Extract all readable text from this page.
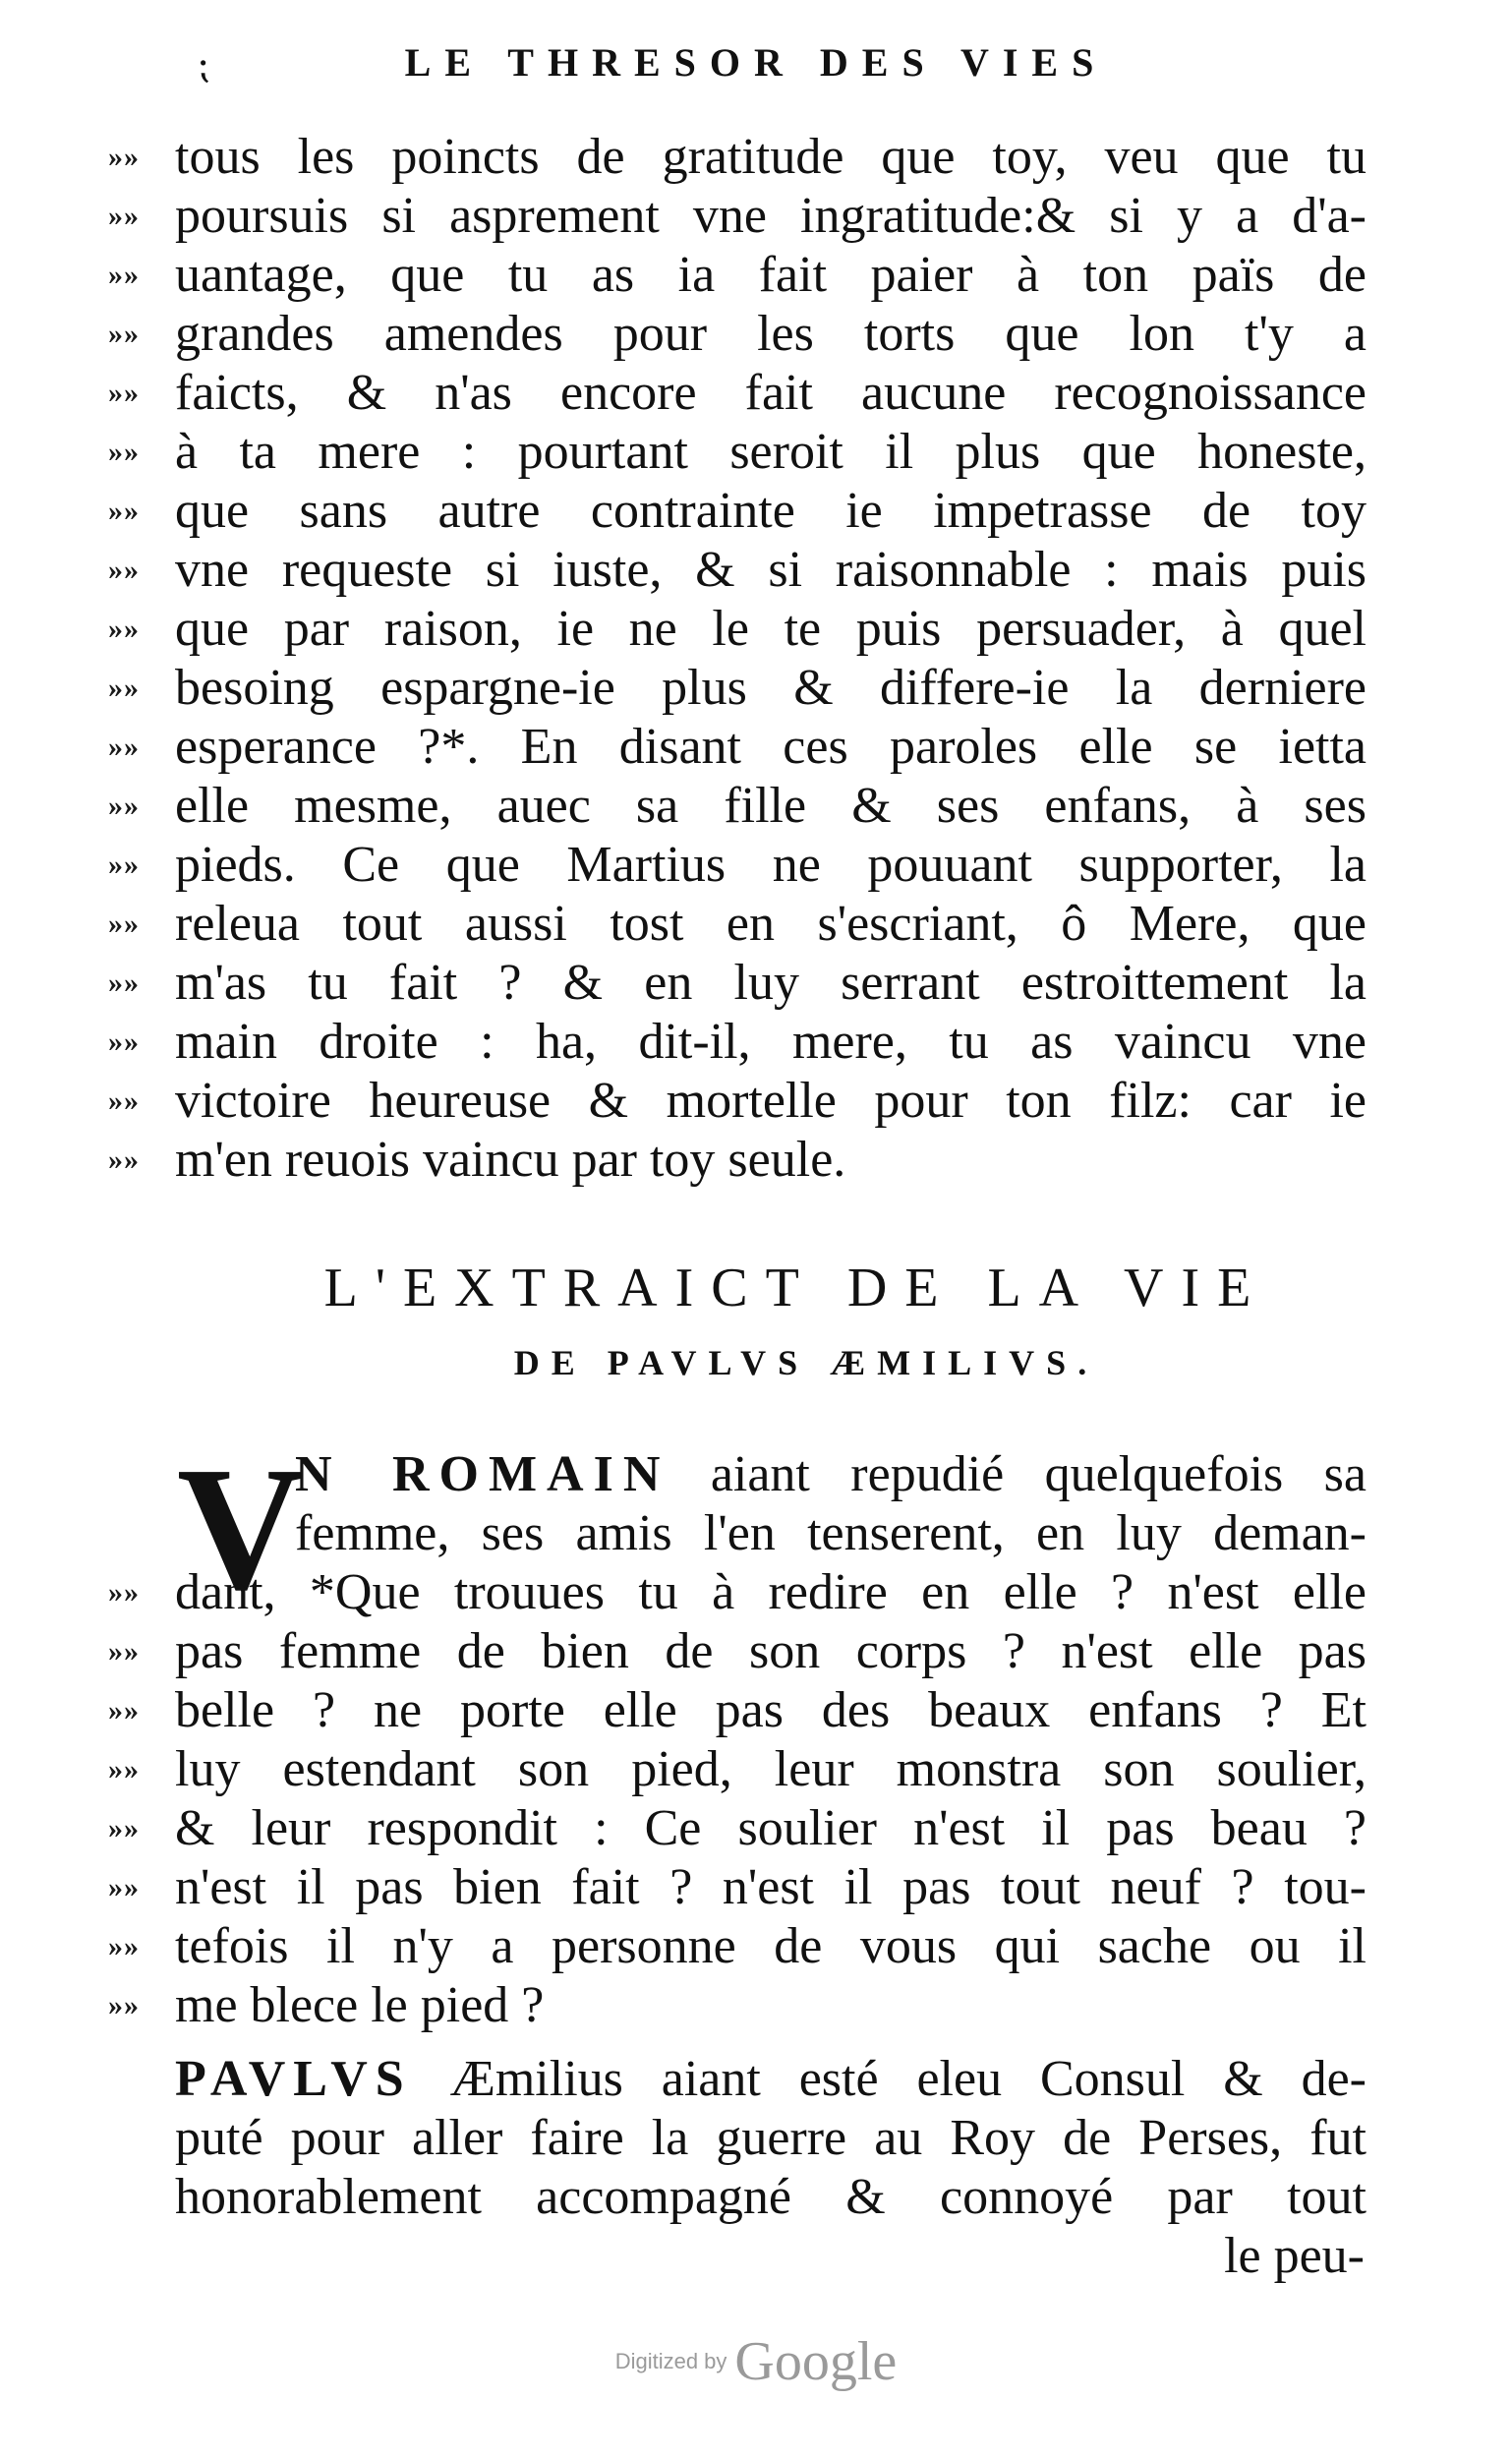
⁏	LE THRESOR DES VIES
»» tous les poincts de gratitude que toy, veu que tu
»» poursuis si asprement vne ingratitude:& si y a d'a-
»» uantage, que tu as ia fait paier à ton païs de
»» grandes amendes pour les torts que lon t'y a
»» faicts, & n'as encore fait aucune recognoissance
»» à ta mere : pourtant seroit il plus que honeste,
»» que sans autre contrainte ie impetrasse de toy
»» vne requeste si iuste, & si raisonnable : mais puis
»» que par raison, ie ne le te puis persuader, à quel
»» besoing espargne-ie plus & differe-ie la derniere
»» esperance ?*. En disant ces paroles elle se ietta
»» elle mesme, auec sa fille & ses enfans, à ses
»» pieds. Ce que Martius ne pouuant supporter, la
»» releua tout aussi tost en s'escriant, ô Mere, que
»» m'as tu fait ? & en luy serrant estroittement la
»» main droite : ha, dit-il, mere, tu as vaincu vne
»» victoire heureuse & mortelle pour ton filz: car ie
»» m'en reuois vaincu par toy seule.
L'EXTRAICT DE LA VIE
DE PAVLVS ÆMILIVS.
V
N ROMAIN aiant repudié quelquefois sa
femme, ses amis l'en tenserent, en luy deman-
»» dant, *Que trouues tu à redire en elle ? n'est elle
»» pas femme de bien de son corps ? n'est elle pas
»» belle ? ne porte elle pas des beaux enfans ? Et
»» luy estendant son pied, leur monstra son soulier,
»» & leur respondit : Ce soulier n'est il pas beau ?
»» n'est il pas bien fait ? n'est il pas tout neuf ? tou-
»» tefois il n'y a personne de vous qui sache ou il
»» me blece le pied ?
PAVLVS Æmilius aiant esté eleu Consul & de-
puté pour aller faire la guerre au Roy de Perses, fut
honorablement accompagné & connoyé par tout
le peu-
Digitized by Google
